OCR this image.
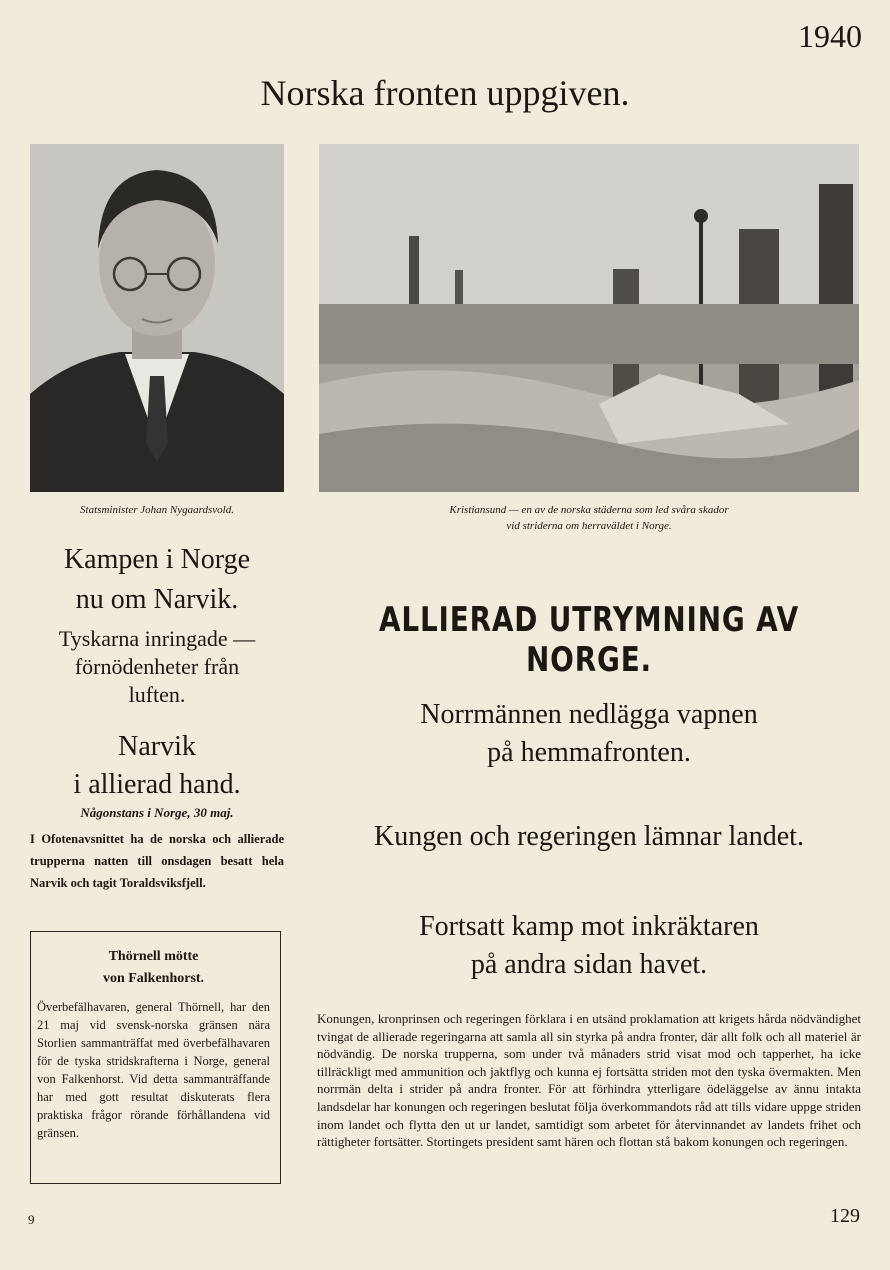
1940
Norska fronten uppgiven.
Statsminister Johan Nygaardsvold.	Kristiansund — en av de norska städerna som led svåra skador
vid striderna om herraväldet i Norge.
Kampen i Norge
nu om Narvik.
Tyskarna inringade —
förnödenheter från
luften.
Narvik
i allierad hand.
Någonstans i Norge, 30 maj.
I Ofotenavsnittet ha de norska och allierade trupperna natten till onsdagen besatt hela Narvik och tagit Toraldsviksfjell.
Thörnell mötte
von Falkenhorst.
Överbefälhavaren, general Thörnell, har den 21 maj vid svensk-norska gränsen nära Storlien sammanträffat med överbefälhavaren för de tyska stridskrafterna i Norge, general von Falkenhorst. Vid detta sammanträffande har med gott resultat diskuterats flera praktiska frågor rörande förhållandena vid gränsen.
ALLIERAD UTRYMNING AV NORGE.
Norrmännen nedlägga vapnen
på hemmafronten.
Kungen och regeringen lämnar landet.
Fortsatt kamp mot inkräktaren
på andra sidan havet.
Konungen, kronprinsen och regeringen förklara i en utsänd proklamation att krigets hårda nödvändighet tvingat de allierade regeringarna att samla all sin styrka på andra fronter, där allt folk och all materiel är nödvändig. De norska trupperna, som under två månaders strid visat mod och tapperhet, ha icke tillräckligt med ammunition och jaktflyg och kunna ej fortsätta striden mot den tyska övermakten. Men norrmän delta i strider på andra fronter. För att förhindra ytterligare ödeläggelse av ännu intakta landsdelar har konungen och regeringen beslutat följa överkommandots råd att tills vidare uppge striden inom landet och flytta den ut ur landet, samtidigt som arbetet för återvinnandet av landets frihet och rättigheter fortsätter. Stortingets president samt hären och flottan stå bakom konungen och regeringen.
9	129
